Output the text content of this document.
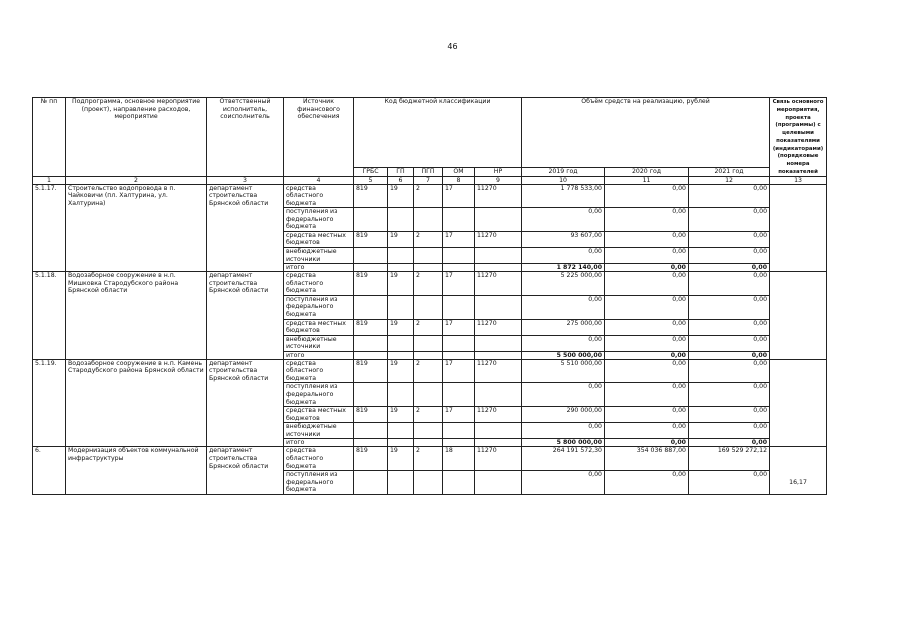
46
№ пп	Подпрограмма, основное мероприятие (проект), направление расходов, мероприятие	Ответственный исполнитель, соисполнитель	Источник финансового обеспечения	Код бюджетной классификации					Объём средств на реализацию, рублей			Связь основного мероприятия, проекта (программы) с целевыми показателями (индикаторами) (порядковые номера показателей
				ГРБС	ГП	ПГП	ОМ	НР	2019 год	2020 год	2021 год	
1	2	3	4	5	6	7	8	9	10	11	12	13
5.1.17.	Строительство водопровода в п. Чайковичи (пл. Халтурина, ул. Халтурина)	департамент строительства Брянской области	средства областного бюджета	819	19	2	17	11270	1 778 533,00	0,00	0,00	
			поступления из федерального бюджета						0,00	0,00	0,00	
			средства местных бюджетов	819	19	2	17	11270	93 607,00	0,00	0,00	
			внебюджетные источники						0,00	0,00	0,00	
			итого						1 872 140,00	0,00	0,00	
5.1.18.	Водозаборное сооружение в н.п. Мишковка Стародубского района Брянской области	департамент строительства Брянской области	средства областного бюджета	819	19	2	17	11270	5 225 000,00	0,00	0,00	
			поступления из федерального бюджета						0,00	0,00	0,00	
			средства местных бюджетов	819	19	2	17	11270	275 000,00	0,00	0,00	
			внебюджетные источники						0,00	0,00	0,00	
			итого						5 500 000,00	0,00	0,00	
5.1.19.	Водозаборное сооружение в н.п. Камень Стародубского района Брянской области	департамент строительства Брянской области	средства областного бюджета	819	19	2	17	11270	5 510 000,00	0,00	0,00	
			поступления из федерального бюджета						0,00	0,00	0,00	
			средства местных бюджетов	819	19	2	17	11270	290 000,00	0,00	0,00	
			внебюджетные источники						0,00	0,00	0,00	
			итого						5 800 000,00	0,00	0,00	
6.	Модернизация объектов коммунальной инфраструктуры	департамент строительства Брянской области	средства областного бюджета	819	19	2	18	11270	264 191 572,30	354 036 887,00	169 529 272,12	16,17
			поступления из федерального бюджета						0,00	0,00	0,00	
